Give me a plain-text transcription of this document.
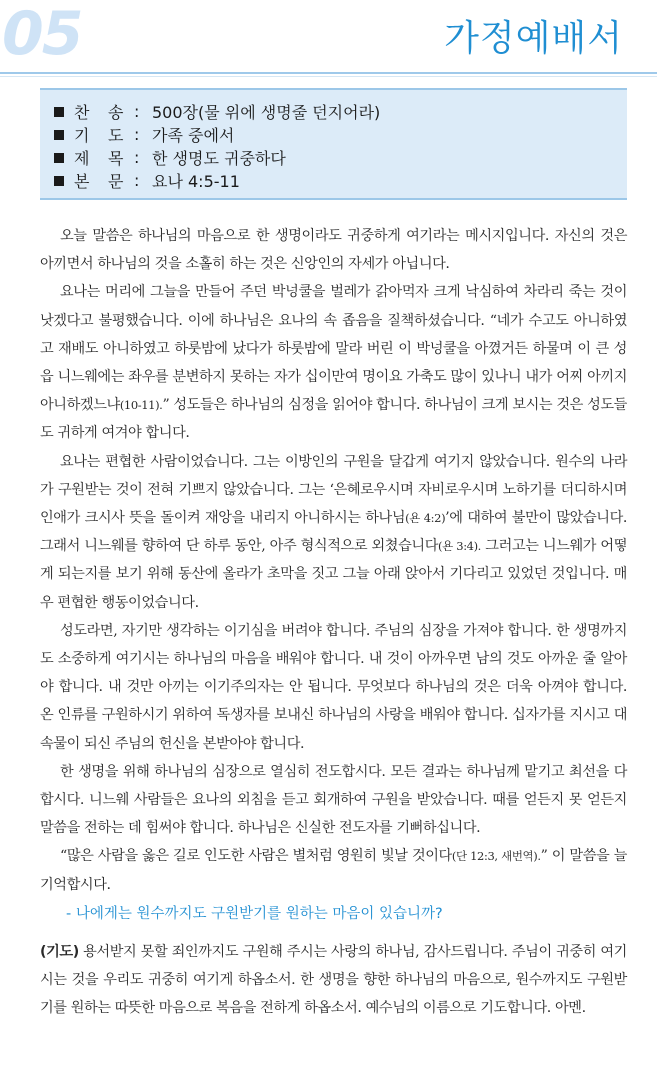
05	가정예배서
찬 송 : 500장(물 위에 생명줄 던지어라)
기 도 : 가족 중에서
제 목 : 한 생명도 귀중하다
본 문 : 요나 4:5-11

오늘 말씀은 하나님의 마음으로 한 생명이라도 귀중하게 여기라는 메시지입니다. 자신의 것은 아끼면서 하나님의 것을 소홀히 하는 것은 신앙인의 자세가 아닙니다.

요나는 머리에 그늘을 만들어 주던 박넝쿨을 벌레가 갉아먹자 크게 낙심하여 차라리 죽는 것이 낫겠다고 불평했습니다. 이에 하나님은 요나의 속 좁음을 질책하셨습니다. “네가 수고도 아니하였고 재배도 아니하였고 하룻밤에 났다가 하룻밤에 말라 버린 이 박넝쿨을 아꼈거든 하물며 이 큰 성읍 니느웨에는 좌우를 분변하지 못하는 자가 십이만여 명이요 가축도 많이 있나니 내가 어찌 아끼지 아니하겠느냐(10-11).” 성도들은 하나님의 심정을 읽어야 합니다. 하나님이 크게 보시는 것은 성도들도 귀하게 여겨야 합니다.

요나는 편협한 사람이었습니다. 그는 이방인의 구원을 달갑게 여기지 않았습니다. 원수의 나라가 구원받는 것이 전혀 기쁘지 않았습니다. 그는 ‘은혜로우시며 자비로우시며 노하기를 더디하시며 인애가 크시사 뜻을 돌이켜 재앙을 내리지 아니하시는 하나님(욘 4:2)’에 대하여 불만이 많았습니다. 그래서 니느웨를 향하여 단 하루 동안, 아주 형식적으로 외쳤습니다(욘 3:4). 그러고는 니느웨가 어떻게 되는지를 보기 위해 동산에 올라가 초막을 짓고 그늘 아래 앉아서 기다리고 있었던 것입니다. 매우 편협한 행동이었습니다.

성도라면, 자기만 생각하는 이기심을 버려야 합니다. 주님의 심장을 가져야 합니다. 한 생명까지도 소중하게 여기시는 하나님의 마음을 배워야 합니다. 내 것이 아까우면 남의 것도 아까운 줄 알아야 합니다. 내 것만 아끼는 이기주의자는 안 됩니다. 무엇보다 하나님의 것은 더욱 아껴야 합니다. 온 인류를 구원하시기 위하여 독생자를 보내신 하나님의 사랑을 배워야 합니다. 십자가를 지시고 대속물이 되신 주님의 헌신을 본받아야 합니다.

한 생명을 위해 하나님의 심장으로 열심히 전도합시다. 모든 결과는 하나님께 맡기고 최선을 다합시다. 니느웨 사람들은 요나의 외침을 듣고 회개하여 구원을 받았습니다. 때를 얻든지 못 얻든지 말씀을 전하는 데 힘써야 합니다. 하나님은 신실한 전도자를 기뻐하십니다.

“많은 사람을 옳은 길로 인도한 사람은 별처럼 영원히 빛날 것이다(단 12:3, 새번역).” 이 말씀을 늘 기억합시다.

- 나에게는 원수까지도 구원받기를 원하는 마음이 있습니까?

(기도) 용서받지 못할 죄인까지도 구원해 주시는 사랑의 하나님, 감사드립니다. 주님이 귀중히 여기시는 것을 우리도 귀중히 여기게 하옵소서. 한 생명을 향한 하나님의 마음으로, 원수까지도 구원받기를 원하는 따뜻한 마음으로 복음을 전하게 하옵소서. 예수님의 이름으로 기도합니다. 아멘.
